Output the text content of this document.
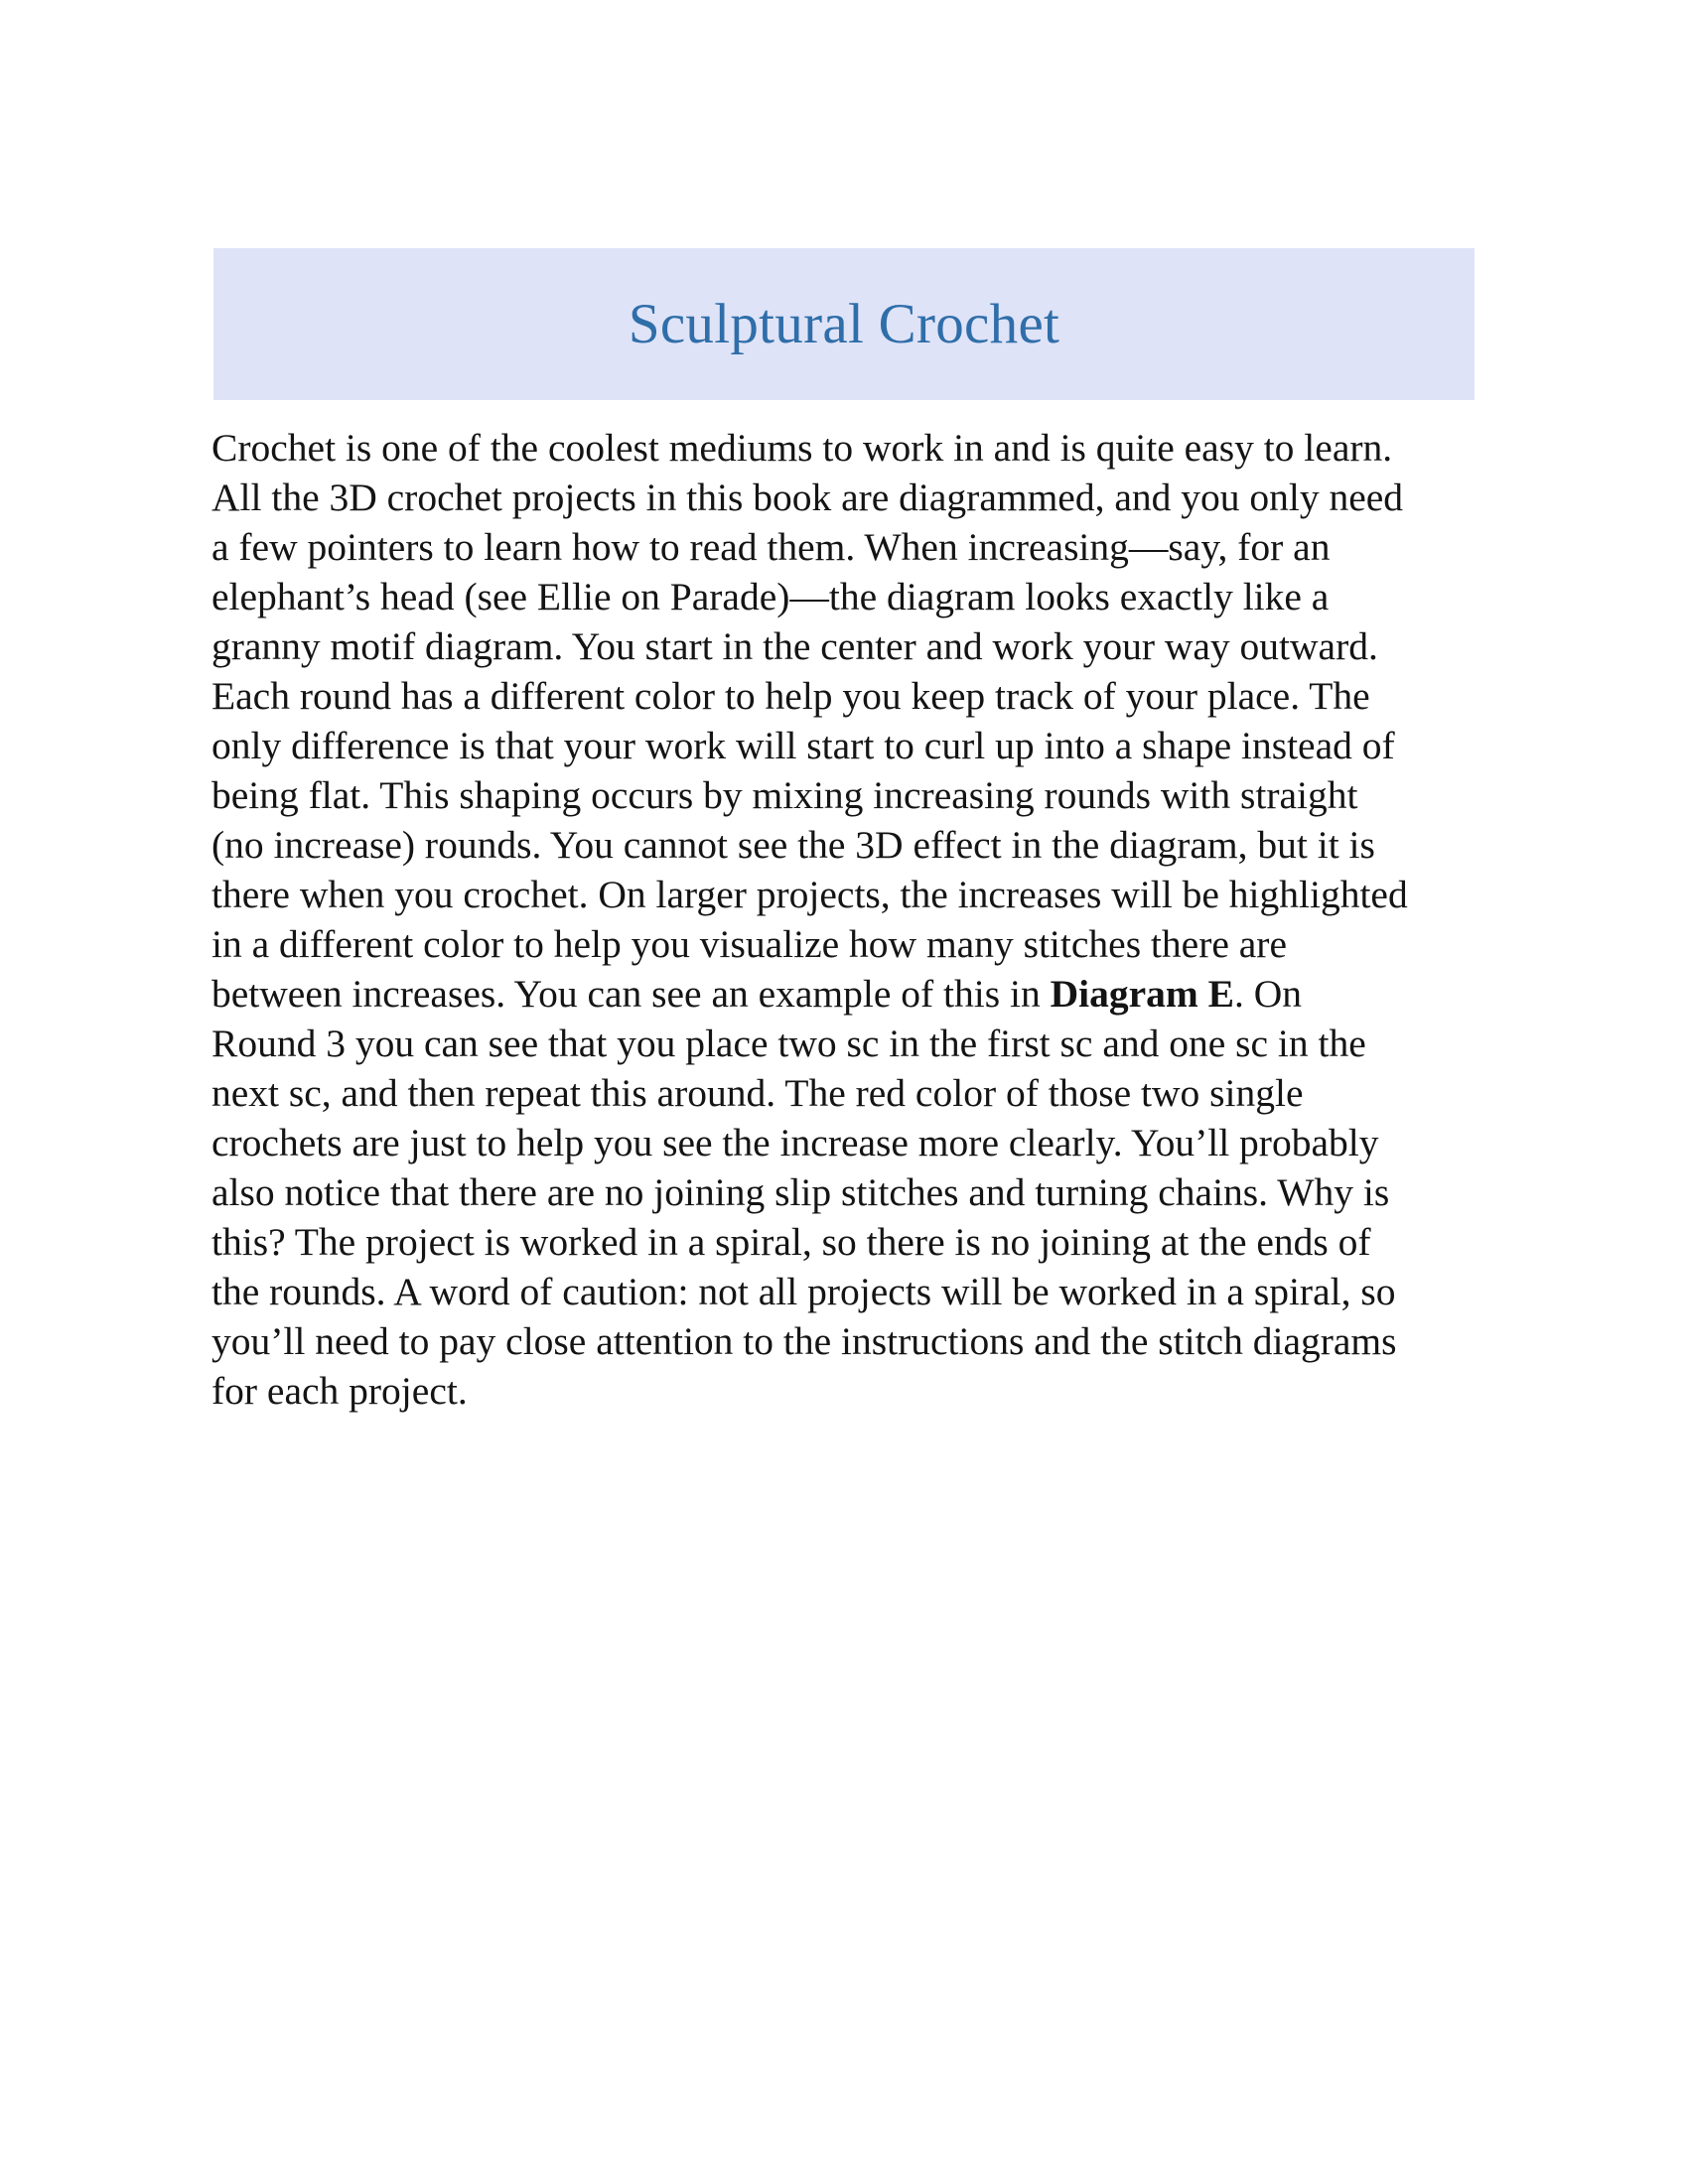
Sculptural Crochet
Crochet is one of the coolest mediums to work in and is quite easy to learn.
All the 3D crochet projects in this book are diagrammed, and you only need
a few pointers to learn how to read them. When increasing—say, for an
elephant’s head (see Ellie on Parade)—the diagram looks exactly like a
granny motif diagram. You start in the center and work your way outward.
Each round has a different color to help you keep track of your place. The
only difference is that your work will start to curl up into a shape instead of
being flat. This shaping occurs by mixing increasing rounds with straight
(no increase) rounds. You cannot see the 3D effect in the diagram, but it is
there when you crochet. On larger projects, the increases will be highlighted
in a different color to help you visualize how many stitches there are
between increases. You can see an example of this in Diagram E. On
Round 3 you can see that you place two sc in the first sc and one sc in the
next sc, and then repeat this around. The red color of those two single
crochets are just to help you see the increase more clearly. You’ll probably
also notice that there are no joining slip stitches and turning chains. Why is
this? The project is worked in a spiral, so there is no joining at the ends of
the rounds. A word of caution: not all projects will be worked in a spiral, so
you’ll need to pay close attention to the instructions and the stitch diagrams
for each project.
